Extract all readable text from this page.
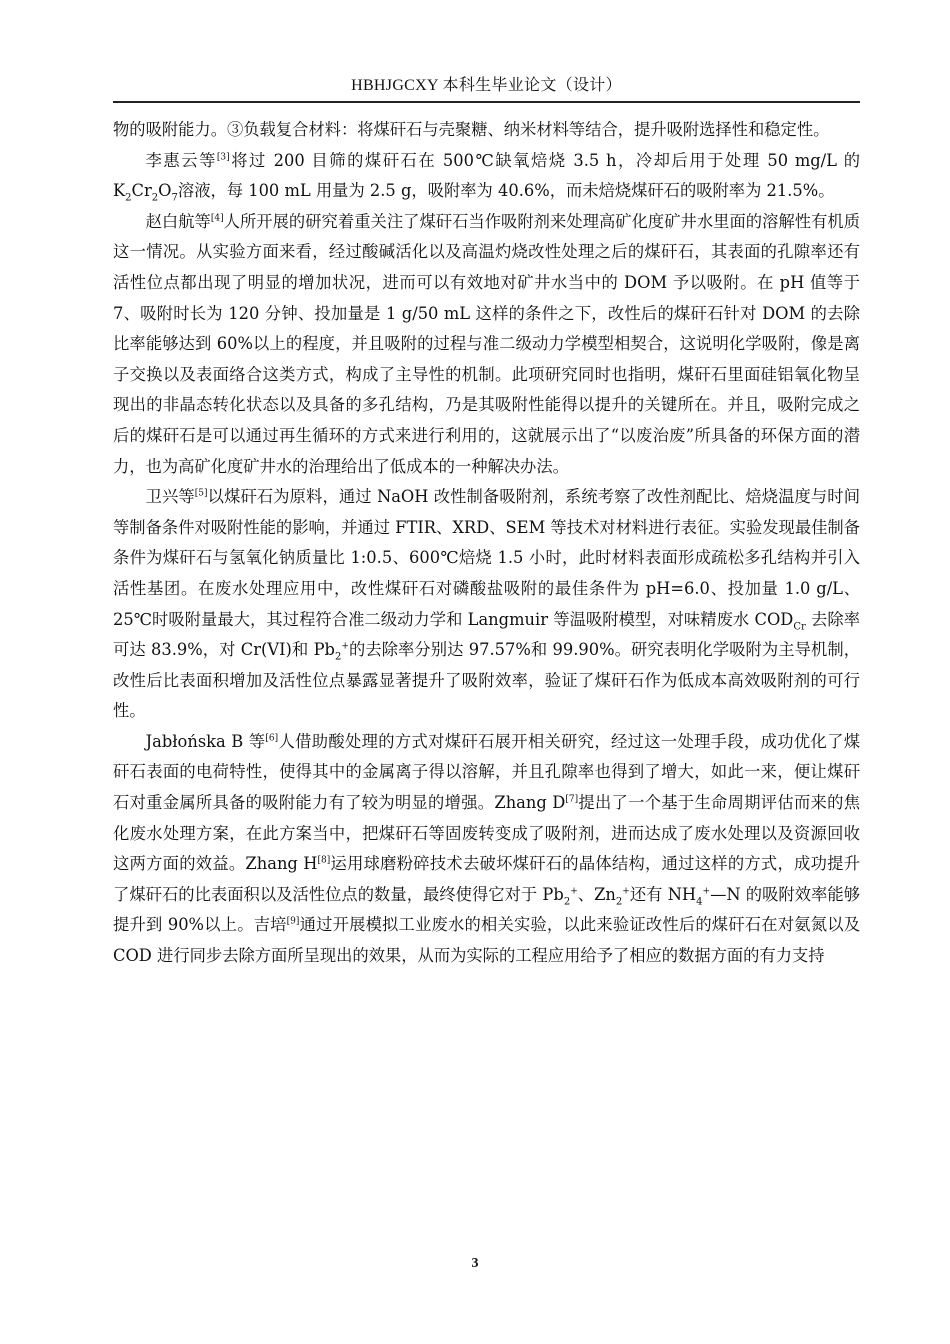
HBHJGCXY 本科生毕业论文（设计）

物的吸附能力。③负载复合材料：将煤矸石与壳聚糖、纳米材料等结合，提升吸附选择性和稳定性。

李惠云等[3]将过 200 目筛的煤矸石在 500℃缺氧焙烧 3.5 h，冷却后用于处理 50 mg/L 的 $K_2Cr_2O_7$溶液，每 100 mL 用量为 2.5 g，吸附率为 40.6%，而未焙烧煤矸石的吸附率为 21.5%。

赵白航等[4]人所开展的研究着重关注了煤矸石当作吸附剂来处理高矿化度矿井水里面的溶解性有机质这一情况。从实验方面来看，经过酸碱活化以及高温灼烧改性处理之后的煤矸石，其表面的孔隙率还有活性位点都出现了明显的增加状况，进而可以有效地对矿井水当中的 DOM 予以吸附。在 pH 值等于 7、吸附时长为 120 分钟、投加量是 1 g/50 mL 这样的条件之下，改性后的煤矸石针对 DOM 的去除比率能够达到 60%以上的程度，并且吸附的过程与准二级动力学模型相契合，这说明化学吸附，像是离子交换以及表面络合这类方式，构成了主导性的机制。此项研究同时也指明，煤矸石里面硅铝氧化物呈现出的非晶态转化状态以及具备的多孔结构，乃是其吸附性能得以提升的关键所在。并且，吸附完成之后的煤矸石是可以通过再生循环的方式来进行利用的，这就展示出了“以废治废”所具备的环保方面的潜力，也为高矿化度矿井水的治理给出了低成本的一种解决办法。

卫兴等[5]以煤矸石为原料，通过 NaOH 改性制备吸附剂，系统考察了改性剂配比、焙烧温度与时间等制备条件对吸附性能的影响，并通过 FTIR、XRD、SEM 等技术对材料进行表征。实验发现最佳制备条件为煤矸石与氢氧化钠质量比 1:0.5、600℃焙烧 1.5 小时，此时材料表面形成疏松多孔结构并引入活性基团。在废水处理应用中，改性煤矸石对磷酸盐吸附的最佳条件为 pH=6.0、投加量 1.0 g/L、25℃时吸附量最大，其过程符合准二级动力学和 Langmuir 等温吸附模型，对味精废水 $COD_{Cr}$ 去除率可达 83.9%，对 Cr(VI)和 $Pb_2^+$的去除率分别达 97.57%和 99.90%。研究表明化学吸附为主导机制，改性后比表面积增加及活性位点暴露显著提升了吸附效率，验证了煤矸石作为低成本高效吸附剂的可行性。

Jabłońska B 等[6]人借助酸处理的方式对煤矸石展开相关研究，经过这一处理手段，成功优化了煤矸石表面的电荷特性，使得其中的金属离子得以溶解，并且孔隙率也得到了增大，如此一来，便让煤矸石对重金属所具备的吸附能力有了较为明显的增强。Zhang D[7]提出了一个基于生命周期评估而来的焦化废水处理方案，在此方案当中，把煤矸石等固废转变成了吸附剂，进而达成了废水处理以及资源回收这两方面的效益。Zhang H[8]运用球磨粉碎技术去破坏煤矸石的晶体结构，通过这样的方式，成功提升了煤矸石的比表面积以及活性位点的数量，最终使得它对于 $Pb_2^+$、$Zn_2^+$还有 $NH_4^+—N$ 的吸附效率能够提升到 90%以上。吉培[9]通过开展模拟工业废水的相关实验，以此来验证改性后的煤矸石在对氨氮以及 COD 进行同步去除方面所呈现出的效果，从而为实际的工程应用给予了相应的数据方面的有力支持

3
